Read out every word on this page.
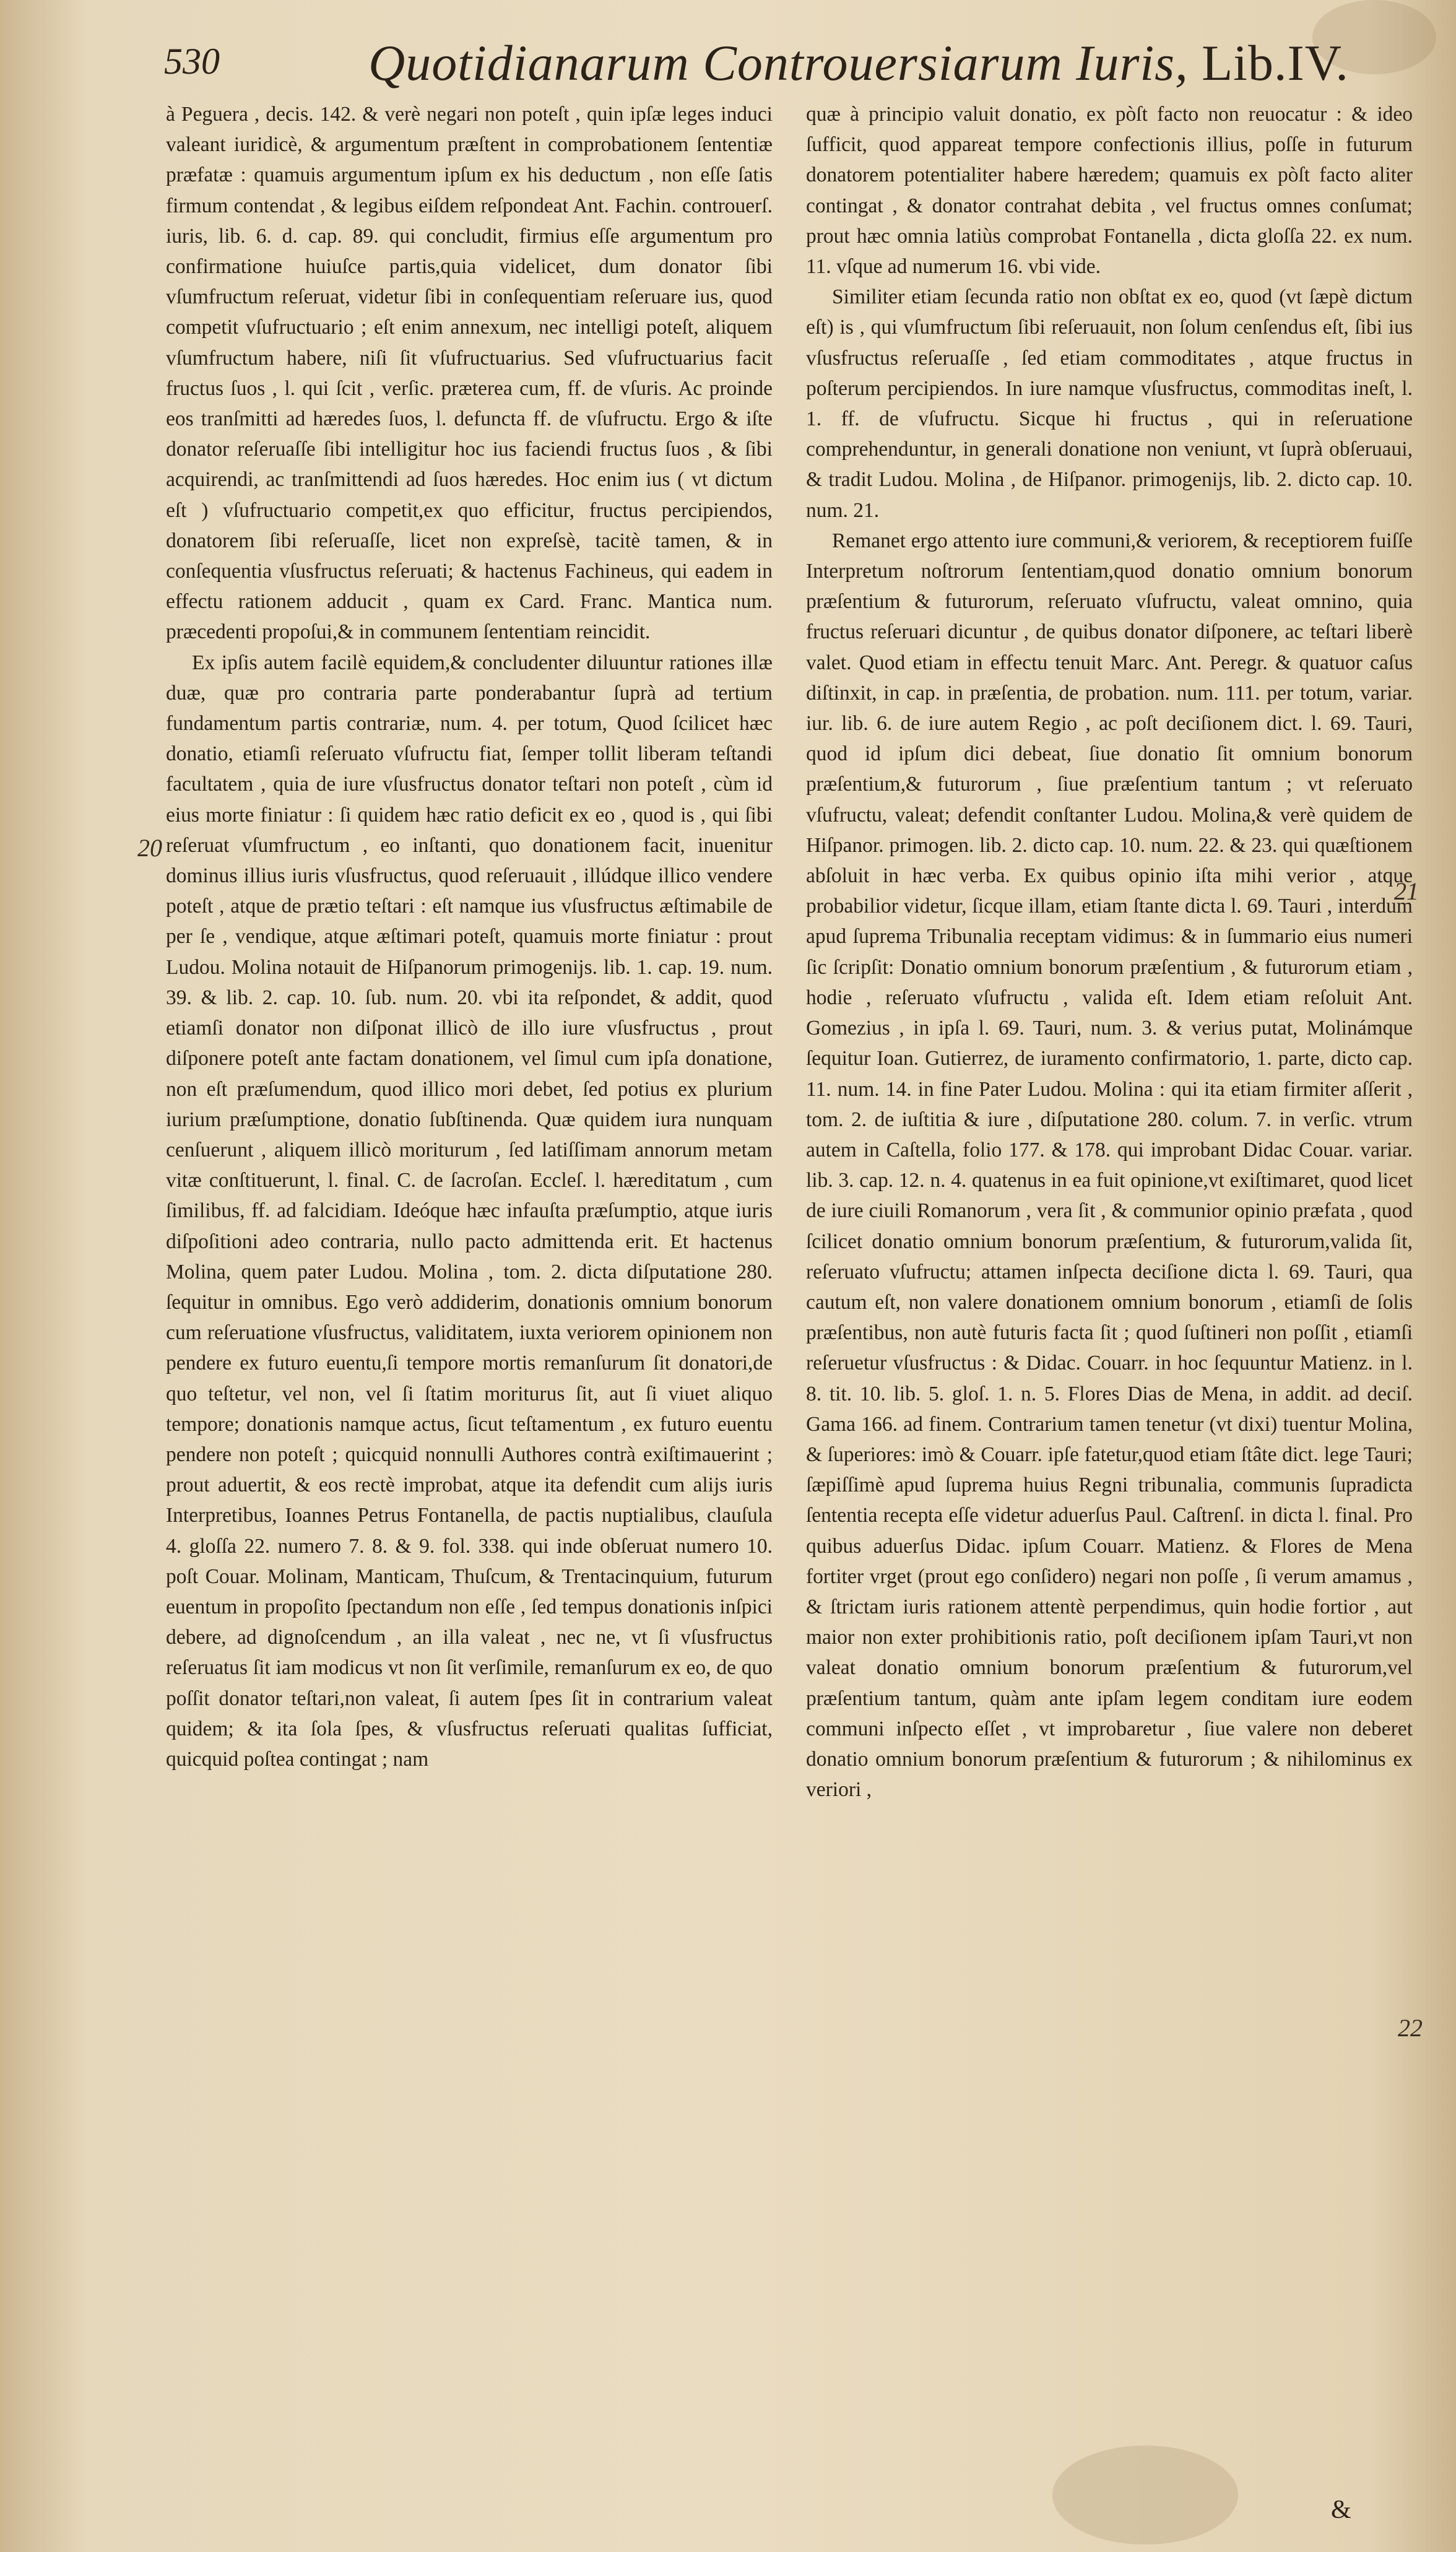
530	Quotidianarum Controuersiarum Iuris, Lib.IV.

à Peguera , decis. 142. & verè negari non poteſt , quin ipſæ leges induci valeant iuridicè, & argumentum præſtent in comprobationem ſententiæ præfatæ : quamuis argumentum ipſum ex his deductum , non eſſe ſatis firmum contendat , & legibus eiſdem reſpondeat Ant. Fachin. controuerſ. iuris, lib. 6. d. cap. 89. qui concludit, firmius eſſe argumentum pro confirmatione huiuſce partis,quia videlicet, dum donator ſibi vſumfructum reſeruat, videtur ſibi in conſequentiam reſeruare ius, quod competit vſufructuario ; eſt enim annexum, nec intelligi poteſt, aliquem vſumfructum habere, niſi ſit vſufructuarius. Sed vſufructuarius facit fructus ſuos , l. qui ſcit , verſic. præterea cum, ff. de vſuris. Ac proinde eos tranſmitti ad hæredes ſuos, l. defuncta ff. de vſufructu. Ergo & iſte donator reſeruaſſe ſibi intelligitur hoc ius faciendi fructus ſuos , & ſibi acquirendi, ac tranſmittendi ad ſuos hæredes. Hoc enim ius ( vt dictum eſt ) vſufructuario competit,ex quo efficitur, fructus percipiendos, donatorem ſibi reſeruaſſe, licet non expreſsè, tacitè tamen, & in conſequentia vſusfructus reſeruati; & hactenus Fachineus, qui eadem in effectu rationem adducit , quam ex Card. Franc. Mantica num. præcedenti propoſui,& in communem ſententiam reincidit.

Ex ipſis autem facilè equidem,& concludenter diluuntur rationes illæ duæ, quæ pro contraria parte ponderabantur ſuprà ad tertium fundamentum partis contrariæ, num. 4. per totum, Quod ſcilicet hæc donatio, etiamſi reſeruato vſufructu fiat, ſemper tollit liberam teſtandi facultatem , quia de iure vſusfructus donator teſtari non poteſt , cùm id eius morte finiatur : ſi quidem hæc ratio deficit ex eo , quod is , qui ſibi reſeruat vſumfructum , eo inſtanti, quo donationem facit, inuenitur dominus illius iuris vſusfructus, quod reſeruauit , illúdque illico vendere poteſt , atque de prætio teſtari : eſt namque ius vſusfructus æſtimabile de per ſe , vendique, atque æſtimari poteſt, quamuis morte finiatur : prout Ludou. Molina notauit de Hiſpanorum primogenijs. lib. 1. cap. 19. num. 39. & lib. 2. cap. 10. ſub. num. 20. vbi ita reſpondet, & addit, quod etiamſi donator non diſponat illicò de illo iure vſusfructus , prout diſponere poteſt ante factam donationem, vel ſimul cum ipſa donatione, non eſt præſumendum, quod illico mori debet, ſed potius ex plurium iurium præſumptione, donatio ſubſtinenda. Quæ quidem iura nunquam cenſuerunt , aliquem illicò moriturum , ſed latiſſimam annorum metam vitæ conſtituerunt, l. final. C. de ſacroſan. Eccleſ. l. hæreditatum , cum ſimilibus, ff. ad falcidiam. Ideóque hæc infauſta præſumptio, atque iuris diſpoſitioni adeo contraria, nullo pacto admittenda erit. Et hactenus Molina, quem pater Ludou. Molina , tom. 2. dicta diſputatione 280. ſequitur in omnibus. Ego verò addiderim, donationis omnium bonorum cum reſeruatione vſusfructus, validitatem, iuxta veriorem opinionem non pendere ex futuro euentu,ſi tempore mortis remanſurum ſit donatori,de quo teſtetur, vel non, vel ſi ſtatim moriturus ſit, aut ſi viuet aliquo tempore; donationis namque actus, ſicut teſtamentum , ex futuro euentu pendere non poteſt ; quicquid nonnulli Authores contrà exiſtimauerint ; prout aduertit, & eos rectè improbat, atque ita defendit cum alijs iuris Interpretibus, Ioannes Petrus Fontanella, de pactis nuptialibus, clauſula 4. gloſſa 22. numero 7. 8. & 9. fol. 338. qui inde obſeruat numero 10. poſt Couar. Molinam, Manticam, Thuſcum, & Trentacinquium, futurum euentum in propoſito ſpectandum non eſſe , ſed tempus donationis inſpici debere, ad dignoſcendum , an illa valeat , nec ne, vt ſi vſusfructus reſeruatus ſit iam modicus vt non ſit verſimile, remanſurum ex eo, de quo poſſit donator teſtari,non valeat, ſi autem ſpes ſit in contrarium valeat quidem; & ita ſola ſpes, & vſusfructus reſeruati qualitas ſufficiat, quicquid poſtea contingat ; nam

quæ à principio valuit donatio, ex pòſt facto non reuocatur : & ideo ſufficit, quod appareat tempore confectionis illius, poſſe in futurum donatorem potentialiter habere hæredem; quamuis ex pòſt facto aliter contingat , & donator contrahat debita , vel fructus omnes conſumat; prout hæc omnia latiùs comprobat Fontanella , dicta gloſſa 22. ex num. 11. vſque ad numerum 16. vbi vide.

Similiter etiam ſecunda ratio non obſtat ex eo, quod (vt ſæpè dictum eſt) is , qui vſumfructum ſibi reſeruauit, non ſolum cenſendus eſt, ſibi ius vſusfructus reſeruaſſe , ſed etiam commoditates , atque fructus in poſterum percipiendos. In iure namque vſusfructus, commoditas ineſt, l. 1. ff. de vſufructu. Sicque hi fructus , qui in reſeruatione comprehenduntur, in generali donatione non veniunt, vt ſuprà obſeruaui, & tradit Ludou. Molina , de Hiſpanor. primogenijs, lib. 2. dicto cap. 10. num. 21.

Remanet ergo attento iure communi,& veriorem, & receptiorem fuiſſe Interpretum noſtrorum ſententiam,quod donatio omnium bonorum præſentium & futurorum, reſeruato vſufructu, valeat omnino, quia fructus reſeruari dicuntur , de quibus donator diſponere, ac teſtari liberè valet. Quod etiam in effectu tenuit Marc. Ant. Peregr. & quatuor caſus diſtinxit, in cap. in præſentia, de probation. num. 111. per totum, variar. iur. lib. 6. de iure autem Regio , ac poſt deciſionem dict. l. 69. Tauri, quod id ipſum dici debeat, ſiue donatio ſit omnium bonorum præſentium,& futurorum , ſiue præſentium tantum ; vt reſeruato vſufructu, valeat; defendit conſtanter Ludou. Molina,& verè quidem de Hiſpanor. primogen. lib. 2. dicto cap. 10. num. 22. & 23. qui quæſtionem abſoluit in hæc verba. Ex quibus opinio iſta mihi verior , atque probabilior videtur, ſicque illam, etiam ſtante dicta l. 69. Tauri , interdum apud ſuprema Tribunalia receptam vidimus: & in ſummario eius numeri ſic ſcripſit: Donatio omnium bonorum præſentium , & futurorum etiam , hodie , reſeruato vſufructu , valida eſt. Idem etiam reſoluit Ant. Gomezius , in ipſa l. 69. Tauri, num. 3. & verius putat, Molinámque ſequitur Ioan. Gutierrez, de iuramento confirmatorio, 1. parte, dicto cap. 11. num. 14. in fine Pater Ludou. Molina : qui ita etiam firmiter aſſerit , tom. 2. de iuſtitia & iure , diſputatione 280. colum. 7. in verſic. vtrum autem in Caſtella, folio 177. & 178. qui improbant Didac Couar. variar. lib. 3. cap. 12. n. 4. quatenus in ea fuit opinione,vt exiſtimaret, quod licet de iure ciuili Romanorum , vera ſit , & communior opinio præfata , quod ſcilicet donatio omnium bonorum præſentium, & futurorum,valida ſit, reſeruato vſufructu; attamen inſpecta deciſione dicta l. 69. Tauri, qua cautum eſt, non valere donationem omnium bonorum , etiamſi de ſolis præſentibus, non autè futuris facta ſit ; quod ſuſtineri non poſſit , etiamſi reſeruetur vſusfructus : & Didac. Couarr. in hoc ſequuntur Matienz. in l. 8. tit. 10. lib. 5. gloſ. 1. n. 5. Flores Dias de Mena, in addit. ad deciſ. Gama 166. ad finem. Contrarium tamen tenetur (vt dixi) tuentur Molina, & ſuperiores: imò & Couarr. ipſe fatetur,quod etiam ſtâte dict. lege Tauri; ſæpiſſimè apud ſuprema huius Regni tribunalia, communis ſupradicta ſententia recepta eſſe videtur aduerſus Paul. Caſtrenſ. in dicta l. final. Pro quibus aduerſus Didac. ipſum Couarr. Matienz. & Flores de Mena fortiter vrget (prout ego conſidero) negari non poſſe , ſi verum amamus , & ſtrictam iuris rationem attentè perpendimus, quin hodie fortior , aut maior non exter prohibitionis ratio, poſt deciſionem ipſam Tauri,vt non valeat donatio omnium bonorum præſentium & futurorum,vel præſentium tantum, quàm ante ipſam legem conditam iure eodem communi inſpecto eſſet , vt improbaretur , ſiue valere non deberet donatio omnium bonorum præſentium & futurorum ; & nihilominus ex veriori ,

20
21
22
&
